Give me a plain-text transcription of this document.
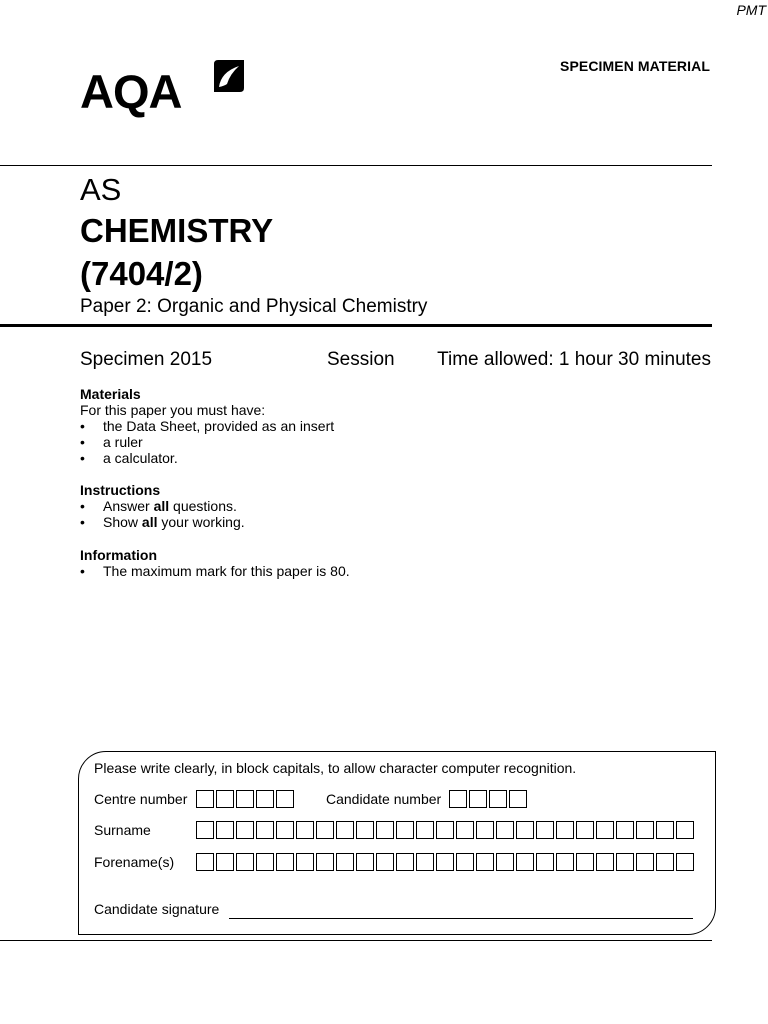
PMT
SPECIMEN MATERIAL
AQA
AS
CHEMISTRY
(7404/2)
Paper 2: Organic and Physical Chemistry
Specimen 2015	Session Time allowed: 1 hour 30 minutes
Materials
For this paper you must have:
• the Data Sheet, provided as an insert
• a ruler
• a calculator.
Instructions
• Answer all questions.
• Show all your working.
Information
• The maximum mark for this paper is 80.
Please write clearly, in block capitals, to allow character computer recognition.
Centre number	Candidate number
Surname
Forename(s)
Candidate signature
